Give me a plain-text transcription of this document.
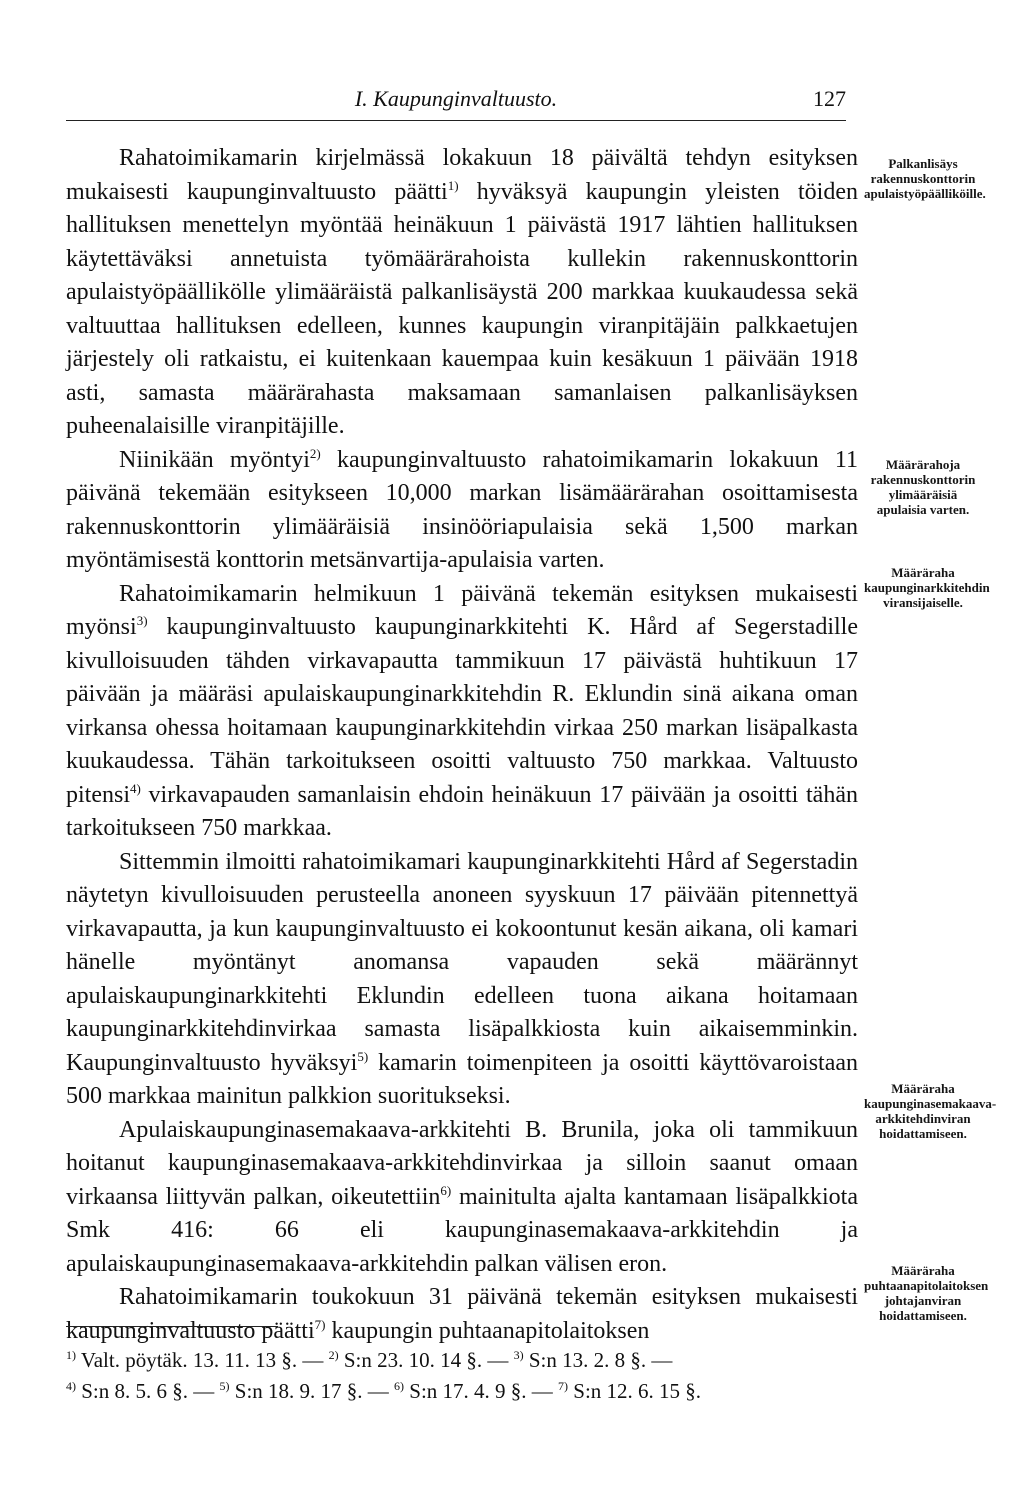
I. Kaupunginvaltuusto.	127

Rahatoimikamarin kirjelmässä lokakuun 18 päivältä tehdyn esityksen mukaisesti kaupunginvaltuusto päätti$^{1)}$ hyväksyä kaupungin yleisten töiden hallituksen menettelyn myöntää heinäkuun 1 päivästä 1917 lähtien hallituksen käytettäväksi annetuista työmäärärahoista kullekin rakennuskonttorin apulaistyöpäällikölle ylimääräistä palkanlisäystä 200 markkaa kuukaudessa sekä valtuuttaa hallituksen edelleen, kunnes kaupungin viranpitäjäin palkkaetujen järjestely oli ratkaistu, ei kuitenkaan kauempaa kuin kesäkuun 1 päivään 1918 asti, samasta määrärahasta maksamaan samanlaisen palkanlisäyksen puheenalaisille viranpitäjille.

Niinikään myöntyi$^{2)}$ kaupunginvaltuusto rahatoimikamarin lokakuun 11 päivänä tekemään esitykseen 10,000 markan lisämäärärahan osoittamisesta rakennuskonttorin ylimääräisiä insinööriapulaisia sekä 1,500 markan myöntämisestä konttorin metsänvartija-apulaisia varten.

Rahatoimikamarin helmikuun 1 päivänä tekemän esityksen mukaisesti myönsi$^{3)}$ kaupunginvaltuusto kaupunginarkkitehti K. Hård af Segerstadille kivulloisuuden tähden virkavapautta tammikuun 17 päivästä huhtikuun 17 päivään ja määräsi apulaiskaupunginarkkitehdin R. Eklundin sinä aikana oman virkansa ohessa hoitamaan kaupunginarkkitehdin virkaa 250 markan lisäpalkasta kuukaudessa. Tähän tarkoitukseen osoitti valtuusto 750 markkaa. Valtuusto pitensi$^{4)}$ virkavapauden samanlaisin ehdoin heinäkuun 17 päivään ja osoitti tähän tarkoitukseen 750 markkaa.

Sittemmin ilmoitti rahatoimikamari kaupunginarkkitehti Hård af Segerstadin näytetyn kivulloisuuden perusteella anoneen syyskuun 17 päivään pitennettyä virkavapautta, ja kun kaupunginvaltuusto ei kokoontunut kesän aikana, oli kamari hänelle myöntänyt anomansa vapauden sekä määrännyt apulaiskaupunginarkkitehti Eklundin edelleen tuona aikana hoitamaan kaupunginarkkitehdinvirkaa samasta lisäpalkkiosta kuin aikaisemminkin. Kaupunginvaltuusto hyväksyi$^{5)}$ kamarin toimenpiteen ja osoitti käyttövaroistaan 500 markkaa mainitun palkkion suoritukseksi.

Apulaiskaupunginasemakaava-arkkitehti B. Brunila, joka oli tammikuun hoitanut kaupunginasemakaava-arkkitehdinvirkaa ja silloin saanut omaan virkaansa liittyvän palkan, oikeutettiin$^{6)}$ mainitulta ajalta kantamaan lisäpalkkiota Smk 416: 66 eli kaupunginasemakaava-arkkitehdin ja apulaiskaupunginasemakaava-arkkitehdin palkan välisen eron.

Rahatoimikamarin toukokuun 31 päivänä tekemän esityksen mukaisesti kaupunginvaltuusto päätti$^{7)}$ kaupungin puhtaanapitolaitoksen

Palkanlisäys rakennuskonttorin apulaistyöpäälliköille.
Määrärahoja rakennuskonttorin ylimääräisiä apulaisia varten.
Määräraha kaupunginarkkitehdin viransijaiselle.
Määräraha kaupunginasemakaava-arkkitehdinviran hoidattamiseen.
Määräraha puhtaanapitolaitoksen johtajanviran hoidattamiseen.
$^{1)}$ Valt. pöytäk. 13. 11. 13 §. — $^{2)}$ S:n 23. 10. 14 §. — $^{3)}$ S:n 13. 2. 8 §. —
$^{4)}$ S:n 8. 5. 6 §. — $^{5)}$ S:n 18. 9. 17 §. — $^{6)}$ S:n 17. 4. 9 §. — $^{7)}$ S:n 12. 6. 15 §.
